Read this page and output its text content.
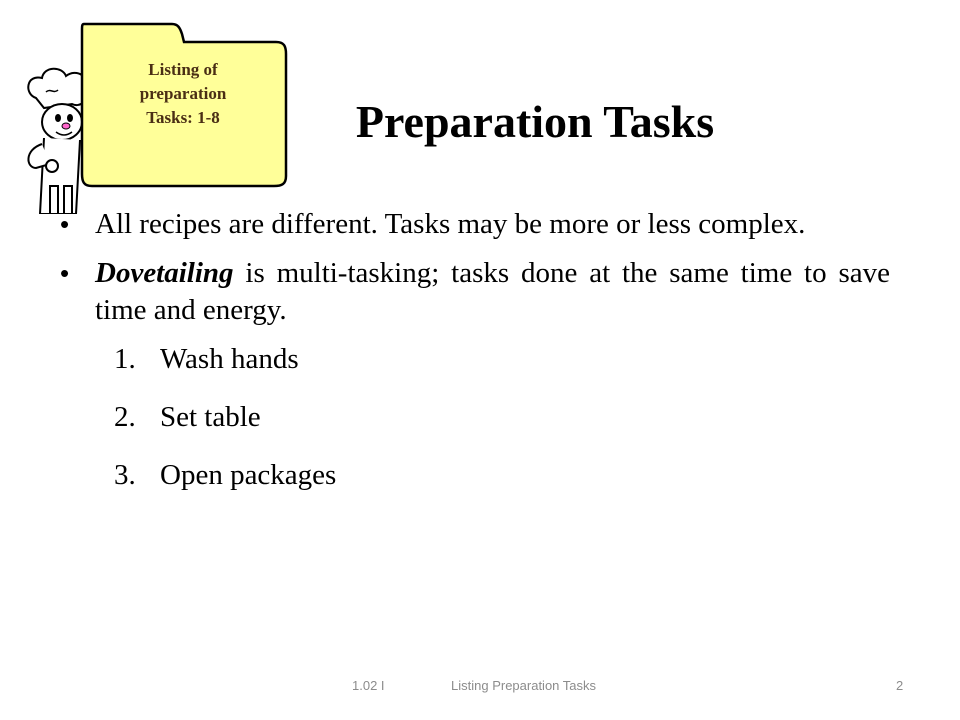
Listing of
preparation
Tasks: 1-8	Preparation Tasks
• All recipes are different. Tasks may be more or less complex.
• Dovetailing is multi-tasking; tasks done at the same time to save time and energy.
1. Wash hands
2. Set table
3. Open packages
1.02 I	Listing Preparation Tasks	2
